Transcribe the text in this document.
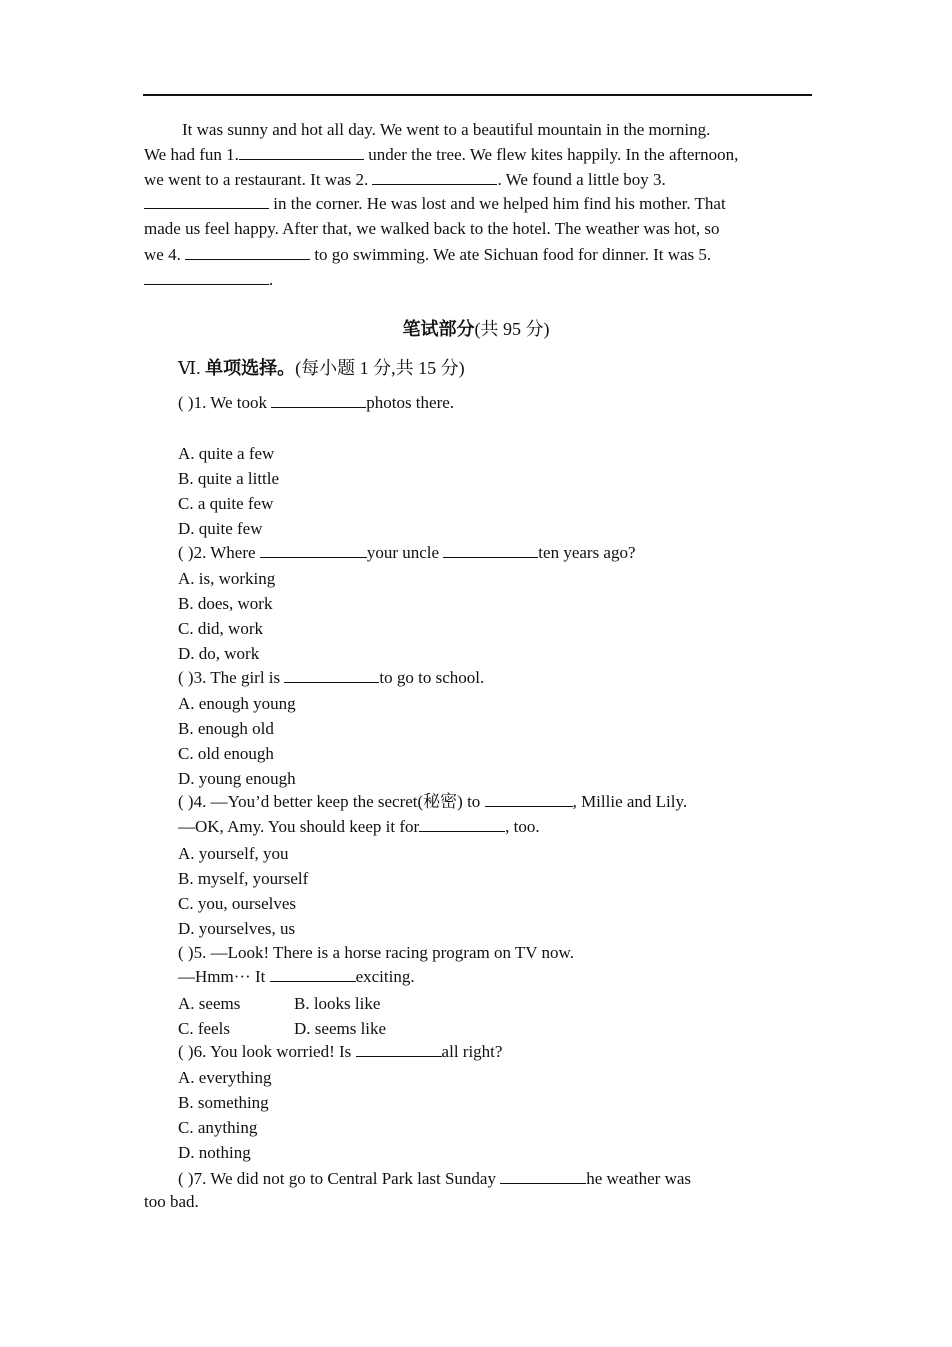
It was sunny and hot all day. We went to a beautiful mountain in the morning.
We had fun 1.	under the tree. We flew kites happily. In the afternoon,
we went to a restaurant. It was 2.	. We found a little boy 3.
in the corner. He was lost and we helped him find his mother. That
made us feel happy. After that, we walked back to the hotel. The weather was hot, so
we 4.	to go swimming. We ate Sichuan food for dinner. It was 5.
.
笔试部分(共 95 分)
Ⅵ. 单项选择。(每小题 1 分,共 15 分)
( )1. We took	photos there.
A. quite a few
B. quite a little
C. a quite few
D. quite few
( )2. Where	your uncle	ten years ago?
A. is, working
B. does, work
C. did, work
D. do, work
( )3. The girl is	to go to school.
A. enough young
B. enough old
C. old enough
D. young enough
( )4. —You’d better keep the secret(秘密) to	, Millie and Lily.
—OK, Amy. You should keep it for	, too.
A. yourself, you
B. myself, yourself
C. you, ourselves
D. yourselves, us
( )5. —Look! There is a horse racing program on TV now.
—Hmm··· It	exciting.
A. seems	B. looks like
C. feels	D. seems like
( )6. You look worried! Is	all right?
A. everything
B. something
C. anything
D. nothing
( )7. We did not go to Central Park last Sunday	he weather was
too bad.
